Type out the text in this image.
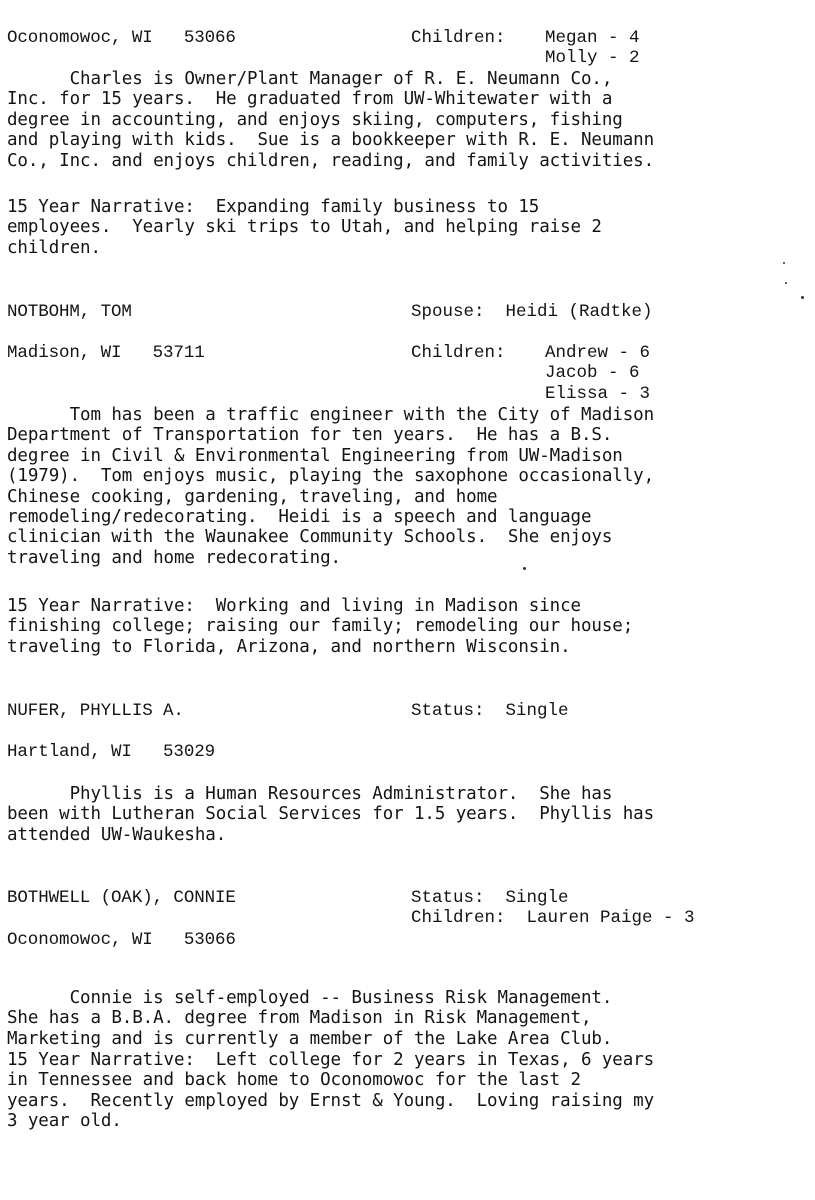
Oconomowoc, WI   53066	Children: Megan - 4
Molly - 2
Charles is Owner/Plant Manager of R. E. Neumann Co.,
Inc. for 15 years.  He graduated from UW-Whitewater with a
degree in accounting, and enjoys skiing, computers, fishing
and playing with kids.  Sue is a bookkeeper with R. E. Neumann
Co., Inc. and enjoys children, reading, and family activities.
15 Year Narrative:  Expanding family business to 15
employees.  Yearly ski trips to Utah, and helping raise 2
children.
NOTBOHM, TOM	Spouse:  Heidi (Radtke)
Madison, WI   53711	Children: Andrew - 6
Jacob - 6
Elissa - 3
Tom has been a traffic engineer with the City of Madison
Department of Transportation for ten years.  He has a B.S.
degree in Civil & Environmental Engineering from UW-Madison
(1979).  Tom enjoys music, playing the saxophone occasionally,
Chinese cooking, gardening, traveling, and home
remodeling/redecorating.  Heidi is a speech and language
clinician with the Waunakee Community Schools.  She enjoys
traveling and home redecorating.
15 Year Narrative:  Working and living in Madison since
finishing college; raising our family; remodeling our house;
traveling to Florida, Arizona, and northern Wisconsin.
NUFER, PHYLLIS A.	Status:  Single
Hartland, WI   53029
Phyllis is a Human Resources Administrator.  She has
been with Lutheran Social Services for 1.5 years.  Phyllis has
attended UW-Waukesha.
BOTHWELL (OAK), CONNIE	Status:  Single
Children:  Lauren Paige - 3
Oconomowoc, WI   53066
Connie is self-employed -- Business Risk Management.
She has a B.B.A. degree from Madison in Risk Management,
Marketing and is currently a member of the Lake Area Club.
15 Year Narrative:  Left college for 2 years in Texas, 6 years
in Tennessee and back home to Oconomowoc for the last 2
years.  Recently employed by Ernst & Young.  Loving raising my
3 year old.
